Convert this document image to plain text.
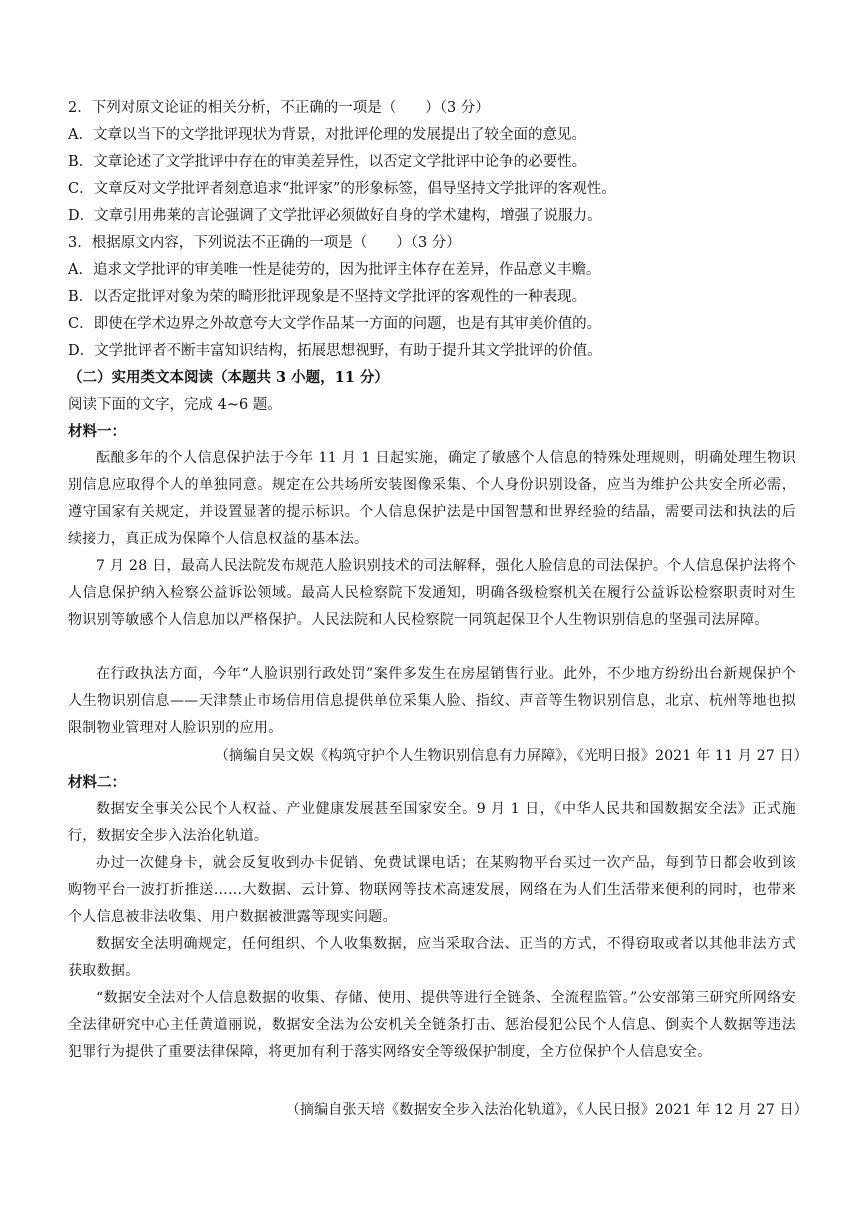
2．下列对原文论证的相关分析，不正确的一项是（　　）（3 分）
A．文章以当下的文学批评现状为背景，对批评伦理的发展提出了较全面的意见。
B．文章论述了文学批评中存在的审美差异性，以否定文学批评中论争的必要性。
C．文章反对文学批评者刻意追求“批评家”的形象标签，倡导坚持文学批评的客观性。
D．文章引用弗莱的言论强调了文学批评必须做好自身的学术建构，增强了说服力。
3．根据原文内容，下列说法不正确的一项是（　　）（3 分）
A．追求文学批评的审美唯一性是徒劳的，因为批评主体存在差异，作品意义丰赡。
B．以否定批评对象为荣的畸形批评现象是不坚持文学批评的客观性的一种表现。
C．即使在学术边界之外故意夸大文学作品某一方面的问题，也是有其审美价值的。
D．文学批评者不断丰富知识结构，拓展思想视野，有助于提升其文学批评的价值。
（二）实用类文本阅读（本题共 3 小题，11 分）
阅读下面的文字，完成 4~6 题。
材料一：
酝酿多年的个人信息保护法于今年 11 月 1 日起实施，确定了敏感个人信息的特殊处理规则，明确处理生物识别信息应取得个人的单独同意。规定在公共场所安装图像采集、个人身份识别设备，应当为维护公共安全所必需，遵守国家有关规定，并设置显著的提示标识。个人信息保护法是中国智慧和世界经验的结晶，需要司法和执法的后续接力，真正成为保障个人信息权益的基本法。
7 月 28 日，最高人民法院发布规范人脸识别技术的司法解释，强化人脸信息的司法保护。个人信息保护法将个人信息保护纳入检察公益诉讼领域。最高人民检察院下发通知，明确各级检察机关在履行公益诉讼检察职责时对生物识别等敏感个人信息加以严格保护。人民法院和人民检察院一同筑起保卫个人生物识别信息的坚强司法屏障。
在行政执法方面，今年“人脸识别行政处罚”案件多发生在房屋销售行业。此外，不少地方纷纷出台新规保护个人生物识别信息——天津禁止市场信用信息提供单位采集人脸、指纹、声音等生物识别信息，北京、杭州等地也拟限制物业管理对人脸识别的应用。
（摘编自吴文娱《构筑守护个人生物识别信息有力屏障》，《光明日报》2021 年 11 月 27 日）
材料二：
数据安全事关公民个人权益、产业健康发展甚至国家安全。9 月 1 日，《中华人民共和国数据安全法》正式施行，数据安全步入法治化轨道。
办过一次健身卡，就会反复收到办卡促销、免费试课电话；在某购物平台买过一次产品，每到节日都会收到该购物平台一波打折推送……大数据、云计算、物联网等技术高速发展，网络在为人们生活带来便利的同时，也带来个人信息被非法收集、用户数据被泄露等现实问题。
数据安全法明确规定，任何组织、个人收集数据，应当采取合法、正当的方式，不得窃取或者以其他非法方式获取数据。
“数据安全法对个人信息数据的收集、存储、使用、提供等进行全链条、全流程监管。”公安部第三研究所网络安全法律研究中心主任黄道丽说，数据安全法为公安机关全链条打击、惩治侵犯公民个人信息、倒卖个人数据等违法犯罪行为提供了重要法律保障，将更加有利于落实网络安全等级保护制度，全方位保护个人信息安全。
（摘编自张天培《数据安全步入法治化轨道》，《人民日报》2021 年 12 月 27 日）
